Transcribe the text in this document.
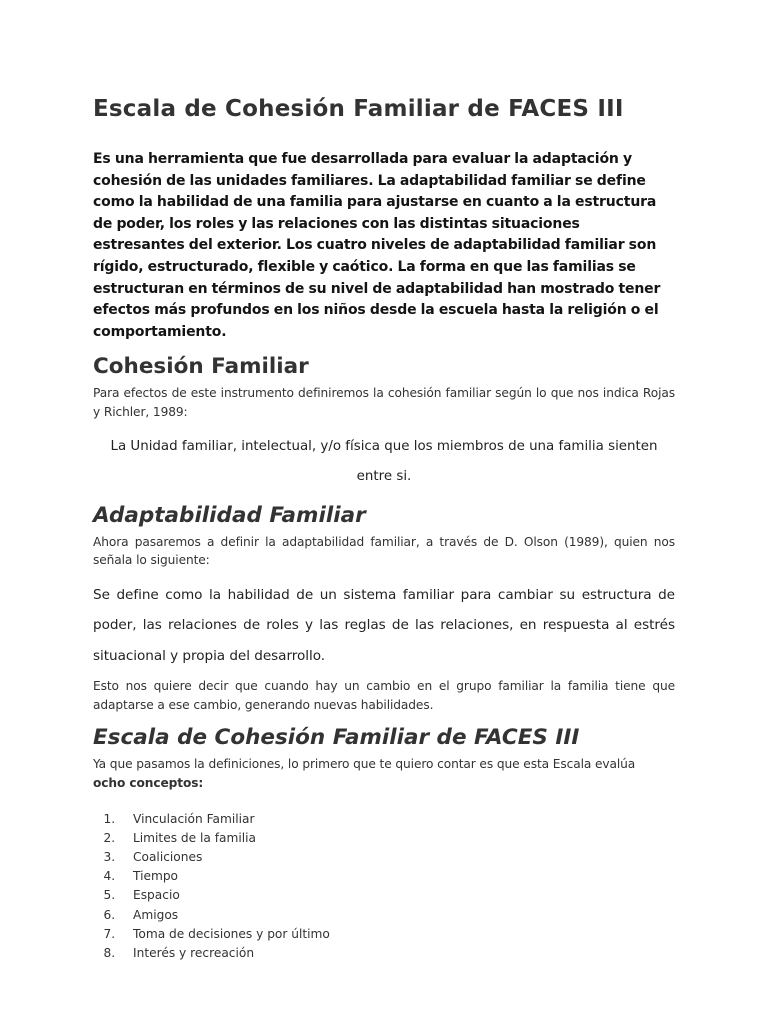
Escala de Cohesión Familiar de FACES III

Es una herramienta que fue desarrollada para evaluar la adaptación y cohesión de las unidades familiares. La adaptabilidad familiar se define como la habilidad de una familia para ajustarse en cuanto a la estructura de poder, los roles y las relaciones con las distintas situaciones estresantes del exterior. Los cuatro niveles de adaptabilidad familiar son rígido, estructurado, flexible y caótico. La forma en que las familias se estructuran en términos de su nivel de adaptabilidad han mostrado tener efectos más profundos en los niños desde la escuela hasta la religión o el comportamiento.

Cohesión Familiar

Para efectos de este instrumento definiremos la cohesión familiar según lo que nos indica Rojas y Richler, 1989:

La Unidad familiar, intelectual, y/o física que los miembros de una familia sienten entre si.

Adaptabilidad Familiar

Ahora pasaremos a definir la adaptabilidad familiar, a través de D. Olson (1989), quien nos señala lo siguiente:

Se define como la habilidad de un sistema familiar para cambiar su estructura de poder, las relaciones de roles y las reglas de las relaciones, en respuesta al estrés situacional y propia del desarrollo.

Esto nos quiere decir que cuando hay un cambio en el grupo familiar la familia tiene que adaptarse a ese cambio, generando nuevas habilidades.

Escala de Cohesión Familiar de FACES III

Ya que pasamos la definiciones, lo primero que te quiero contar es que esta Escala evalúa
ocho conceptos:

1. Vinculación Familiar
2. Limites de la familia
3. Coaliciones
4. Tiempo
5. Espacio
6. Amigos
7. Toma de decisiones y por último
8. Interés y recreación
